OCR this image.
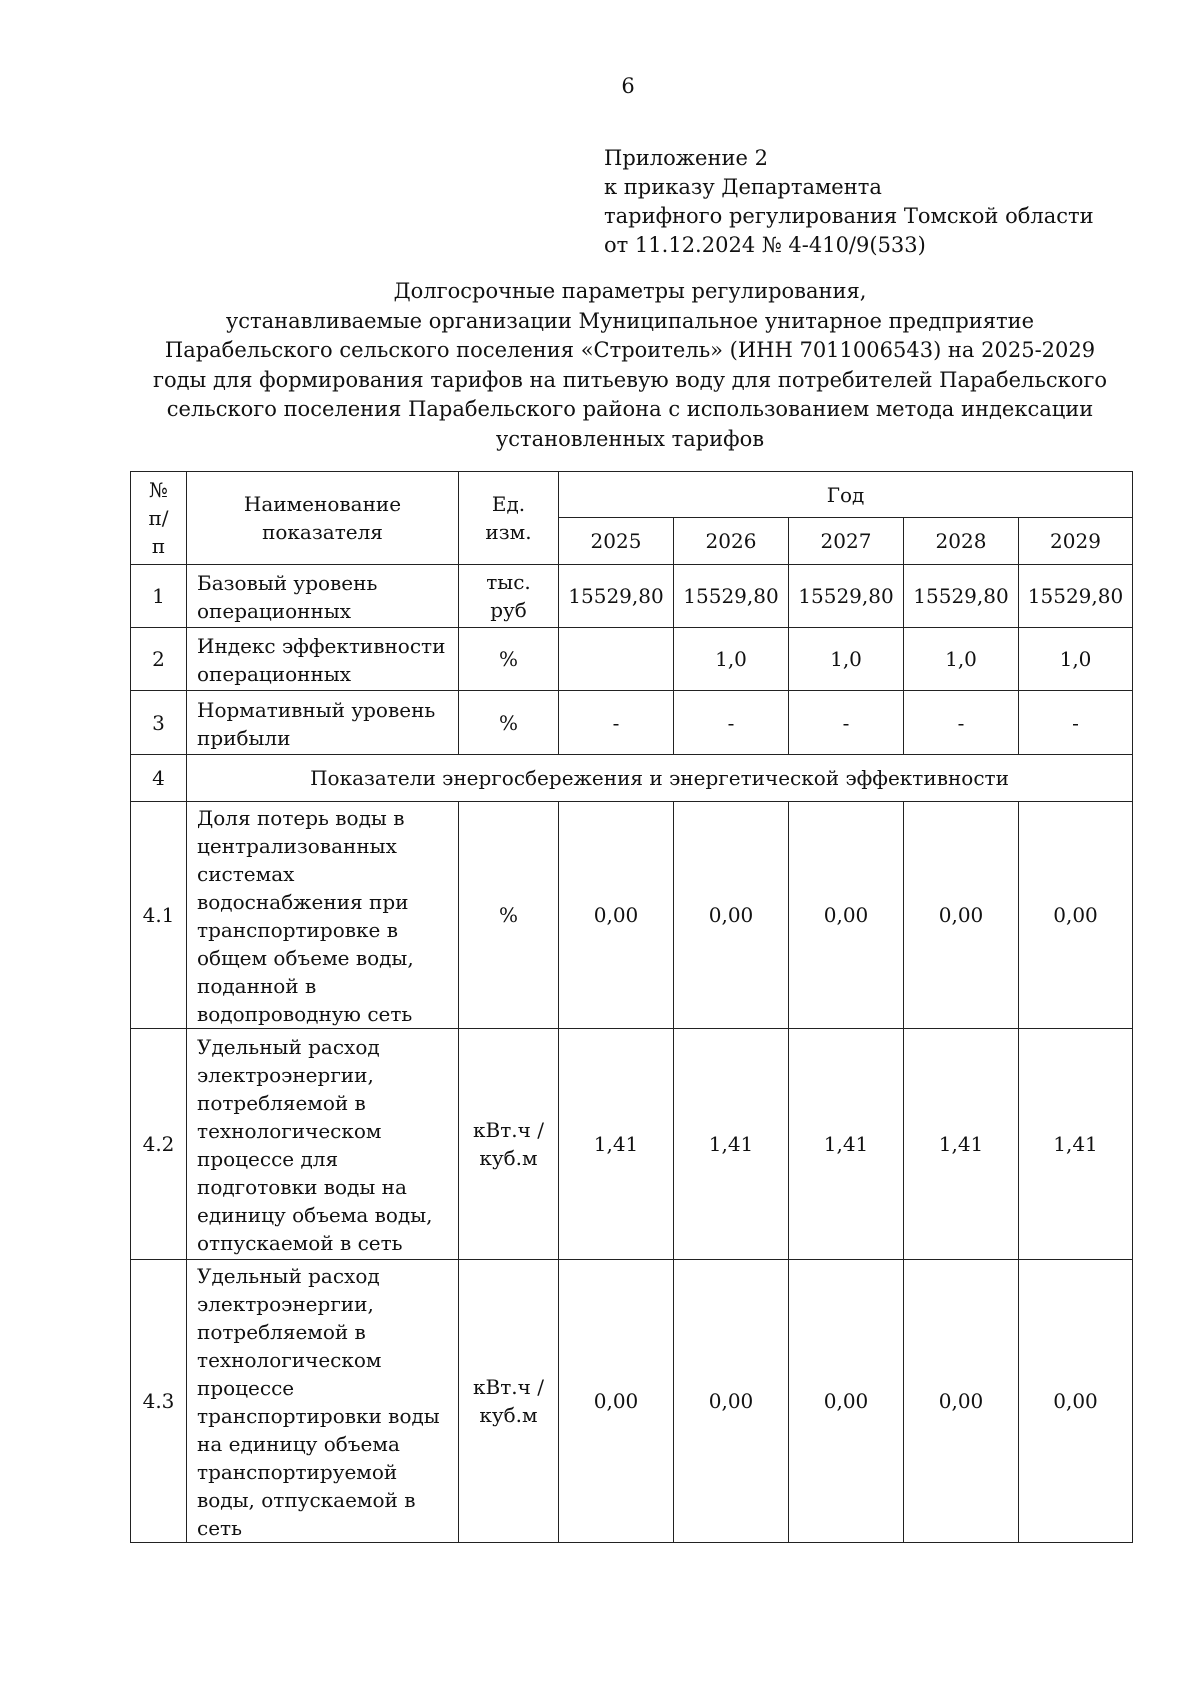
6
Приложение 2
к приказу Департамента
тарифного регулирования Томской области
от 11.12.2024 № 4-410/9(533)
Долгосрочные параметры регулирования,
устанавливаемые организации Муниципальное унитарное предприятие
Парабельского сельского поселения «Строитель» (ИНН 7011006543) на 2025-2029
годы для формирования тарифов на питьевую воду для потребителей Парабельского
сельского поселения Парабельского района с использованием метода индексации
установленных тарифов
№ п/п	Наименование показателя	Ед. изм.	Год				
			2025	2026	2027	2028	2029
1	Базовый уровень операционных	тыс. руб	15529,80	15529,80	15529,80	15529,80	15529,80
2	Индекс эффективности операционных	%		1,0	1,0	1,0	1,0
3	Нормативный уровень прибыли	%	-	-	-	-	-
4	Показатели энергосбережения и энергетической эффективности						
4.1	Доля потерь воды в централизованных системах водоснабжения при транспортировке в общем объеме воды, поданной в водопроводную сеть	%	0,00	0,00	0,00	0,00	0,00
4.2	Удельный расход электроэнергии, потребляемой в технологическом процессе для подготовки воды на единицу объема воды, отпускаемой в сеть	кВт.ч / куб.м	1,41	1,41	1,41	1,41	1,41
4.3	Удельный расход электроэнергии, потребляемой в технологическом процессе транспортировки воды на единицу объема транспортируемой воды, отпускаемой в сеть	кВт.ч / куб.м	0,00	0,00	0,00	0,00	0,00
